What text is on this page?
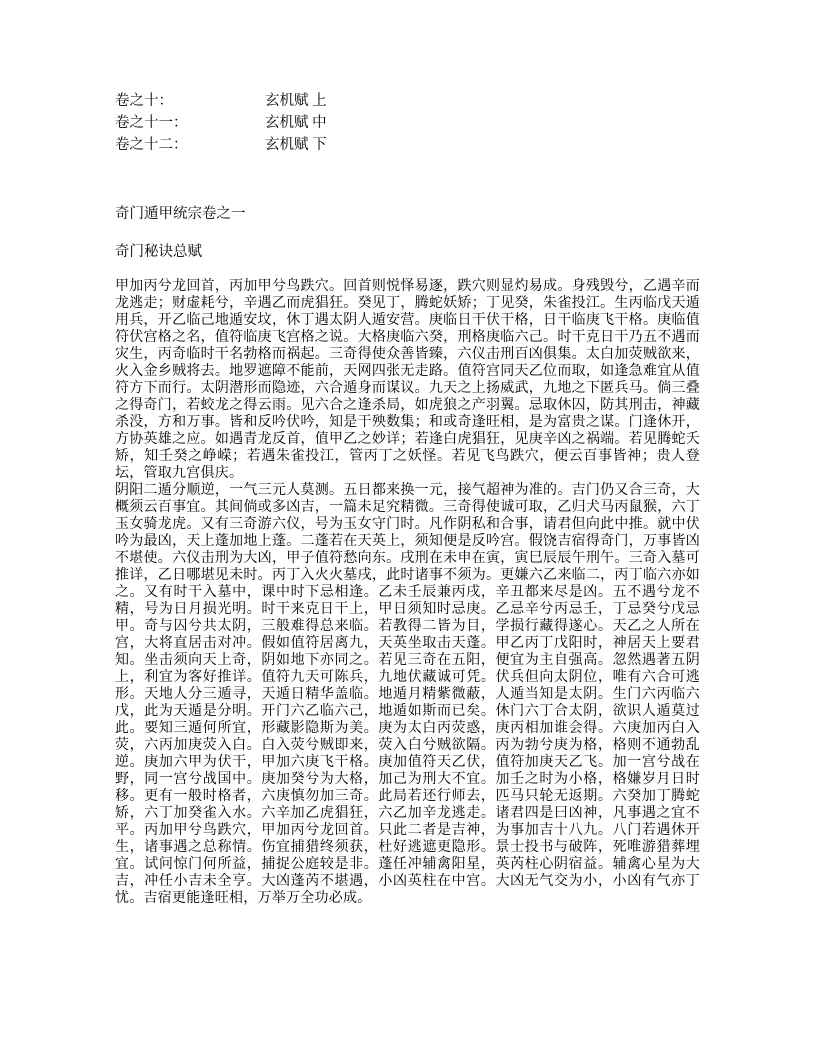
卷之十：	玄机赋 上
卷之十一：	玄机赋 中
卷之十二：	玄机赋 下
奇门遁甲统宗卷之一
奇门秘诀总赋

甲加丙兮龙回首，丙加甲兮鸟跌穴。回首则悦怿易逐，跌穴则显灼易成。身残毁兮，乙遇辛而龙逃走；财虚耗兮，辛遇乙而虎猖狂。癸见丁，腾蛇妖矫；丁见癸，朱雀投江。生丙临戊天遁用兵，开乙临己地遁安坟，休丁遇太阴人遁安营。庚临日干伏干格，日干临庚飞干格。庚临值符伏宫格之名，值符临庚飞宫格之说。大格庚临六癸，刑格庚临六己。时干克日干乃五不遇而灾生，丙奇临时干名勃格而祸起。三奇得使众善皆臻，六仪击刑百凶俱集。太白加荧贼欲来，火入金乡贼将去。地罗遮障不能前，天网四张无走路。值符宫同天乙位而取，如逢急难宜从值符方下而行。太阴潜形而隐迹，六合遁身而谋议。九天之上扬威武，九地之下匿兵马。倘三叠之得奇门，若蛟龙之得云雨。见六合之逢杀局，如虎狼之产羽翼。忌取休囚，防其刑击，神藏杀没，方和万事。皆和反吟伏吟，知是干殃数集；和或奇逢旺相，是为富贵之谋。门逢休开，方协英雄之应。如遇青龙反首，值甲乙之妙详；若逢白虎猖狂，见庚辛凶之祸端。若见腾蛇夭矫，知壬癸之峥嵘；若遇朱雀投江，管丙丁之妖怪。若见飞鸟跌穴，便云百事皆神；贵人登坛，管取九宫俱庆。

阴阳二遁分顺逆，一气三元人莫测。五日都来换一元，接气超神为准的。吉门仍又合三奇，大概须云百事宜。其间倘或多凶吉，一篇未足究精微。三奇得使诚可取，乙归犬马丙鼠猴，六丁玉女骑龙虎。又有三奇游六仪，号为玉女守门时。凡作阴私和合事，请君但向此中推。就中伏吟为最凶，天上蓬加地上蓬。二蓬若在天英上，须知便是反吟宫。假饶吉宿得奇门，万事皆凶不堪使。六仪击刑为大凶，甲子值符愁向东。戌刑在未申在寅，寅巳辰辰午刑午。三奇入墓可推详，乙日哪堪见未时。丙丁入火火墓戌，此时诸事不须为。更嫌六乙来临二，丙丁临六亦如之。又有时干入墓中，课中时下忌相逢。乙未壬辰兼丙戌，辛丑都来尽是凶。五不遇兮龙不精，号为日月损光明。时干来克日干上，甲日须知时忌庚。乙忌辛兮丙忌壬，丁忌癸兮戊忌甲。奇与囚兮共太阴，三般难得总来临。若教得二皆为目，学损行藏得遂心。天乙之人所在宫，大将直居击对冲。假如值符居离九，天英坐取击天蓬。甲乙丙丁戊阳时，神居天上要君知。坐击须向天上奇，阴如地下亦同之。若见三奇在五阳，便宜为主自强高。忽然遇著五阴上，利宜为客好推详。值符九天可陈兵，九地伏藏诚可凭。伏兵但向太阴位，唯有六合可逃形。天地人分三遁寻，天遁日精华盖临。地遁月精紫微蔽，人遁当知是太阴。生门六丙临六戊，此为天遁是分明。开门六乙临六己，地遁如斯而已矣。休门六丁合太阴，欲识人遁莫过此。要知三遁何所宜，形藏影隐斯为美。庚为太白丙荧惑，庚丙相加谁会得。六庚加丙白入荧，六丙加庚荧入白。白入荧兮贼即来，荧入白兮贼欲隔。丙为勃兮庚为格，格则不通勃乱逆。庚加六甲为伏干，甲加六庚飞干格。庚加值符天乙伏，值符加庚天乙飞。加一宫兮战在野，同一宫兮战国中。庚加癸兮为大格，加己为刑大不宜。加壬之时为小格，格嫌岁月日时移。更有一般时格者，六庚慎勿加三奇。此局若还行师去，匹马只轮无返期。六癸加丁腾蛇矫，六丁加癸雀入水。六辛加乙虎猖狂，六乙加辛龙逃走。诸君四是曰凶神，凡事遇之宜不平。丙加甲兮鸟跌穴，甲加丙兮龙回首。只此二者是吉神，为事加吉十八九。八门若遇休开生，诸事遇之总称情。伤宜捕猎终须获，杜好逃遮更隐形。景士投书与破阵，死唯游猎葬埋宜。试问惊门何所益，捕捉公庭较是非。蓬任冲辅禽阳星，英芮柱心阴宿益。辅禽心星为大吉，冲任小吉未全亨。大凶蓬芮不堪遇，小凶英柱在中宫。大凶无气交为小，小凶有气亦丁忧。吉宿更能逢旺相，万举万全功必成。
